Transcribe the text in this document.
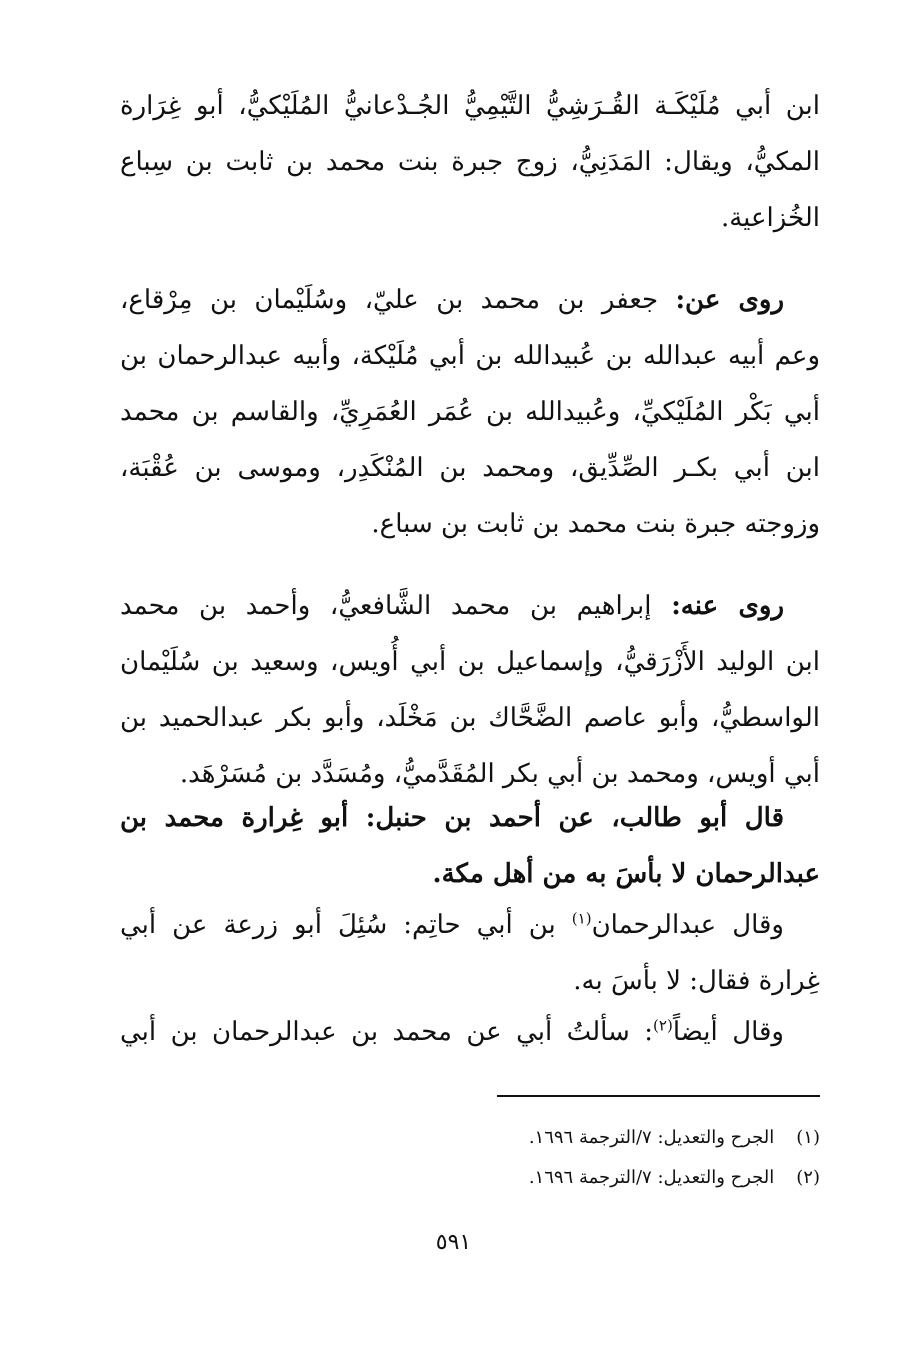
ابن أبي مُلَيْكَـة القُـرَشِيُّ التَّيْمِيُّ الجُـدْعانيُّ المُلَيْكيُّ، أبو غِرَارة
المكيُّ، ويقال: المَدَنِيُّ، زوج جبرة بنت محمد بن ثابت بن سِباع
الخُزاعية.
روى عن: جعفر بن محمد بن عليّ، وسُلَيْمان بن مِرْقاع،
وعم أبيه عبدالله بن عُبيدالله بن أبي مُلَيْكة، وأبيه عبدالرحمان بن
أبي بَكْر المُلَيْكيِّ، وعُبيدالله بن عُمَر العُمَرِيِّ، والقاسم بن محمد
ابن أبي بكـر الصِّدِّيق، ومحمد بن المُنْكَدِر، وموسى بن عُقْبَة،
وزوجته جبرة بنت محمد بن ثابت بن سباع.
روى عنه: إبراهيم بن محمد الشَّافعيُّ، وأحمد بن محمد
ابن الوليد الأَزْرَقيُّ، وإسماعيل بن أبي أُويس، وسعيد بن سُلَيْمان
الواسطيُّ، وأبو عاصم الضَّحَّاك بن مَخْلَد، وأبو بكر عبدالحميد بن
أبي أويس، ومحمد بن أبي بكر المُقَدَّميُّ، ومُسَدَّد بن مُسَرْهَد.
قال أبو طالب، عن أحمد بن حنبل: أبو غِرارة محمد بن
عبدالرحمان لا بأسَ به من أهل مكة.
وقال عبدالرحمان$^{(١)}$ بن أبي حاتِم: سُئِلَ أبو زرعة عن أبي
غِرارة فقال: لا بأسَ به.
وقال أيضاً$^{(٢)}$: سألتُ أبي عن محمد بن عبدالرحمان بن أبي
(١) الجرح والتعديل: ٧/الترجمة ١٦٩٦.
(٢) الجرح والتعديل: ٧/الترجمة ١٦٩٦.
٥٩١
